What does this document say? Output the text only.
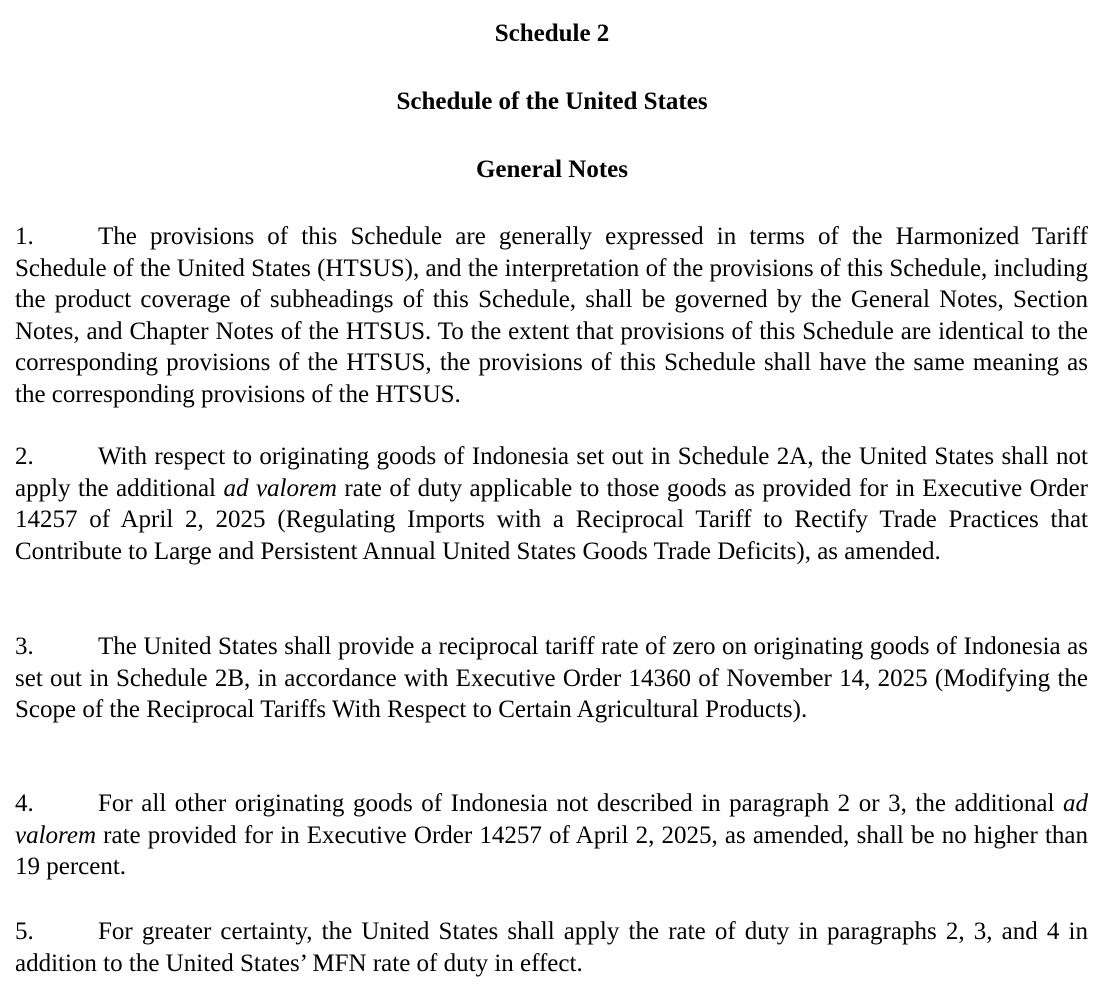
Schedule 2
Schedule of the United States
General Notes

1.	The provisions of this Schedule are generally expressed in terms of the Harmonized Tariff Schedule of the United States (HTSUS), and the interpretation of the provisions of this Schedule, including the product coverage of subheadings of this Schedule, shall be governed by the General Notes, Section Notes, and Chapter Notes of the HTSUS. To the extent that provisions of this Schedule are identical to the corresponding provisions of the HTSUS, the provisions of this Schedule shall have the same meaning as the corresponding provisions of the HTSUS.

2.	With respect to originating goods of Indonesia set out in Schedule 2A, the United States shall not apply the additional ad valorem rate of duty applicable to those goods as provided for in Executive Order 14257 of April 2, 2025 (Regulating Imports with a Reciprocal Tariff to Rectify Trade Practices that Contribute to Large and Persistent Annual United States Goods Trade Deficits), as amended.

3.	The United States shall provide a reciprocal tariff rate of zero on originating goods of Indonesia as set out in Schedule 2B, in accordance with Executive Order 14360 of November 14, 2025 (Modifying the Scope of the Reciprocal Tariffs With Respect to Certain Agricultural Products).

4.	For all other originating goods of Indonesia not described in paragraph 2 or 3, the additional ad valorem rate provided for in Executive Order 14257 of April 2, 2025, as amended, shall be no higher than 19 percent.

5.	For greater certainty, the United States shall apply the rate of duty in paragraphs 2, 3, and 4 in addition to the United States’ MFN rate of duty in effect.
